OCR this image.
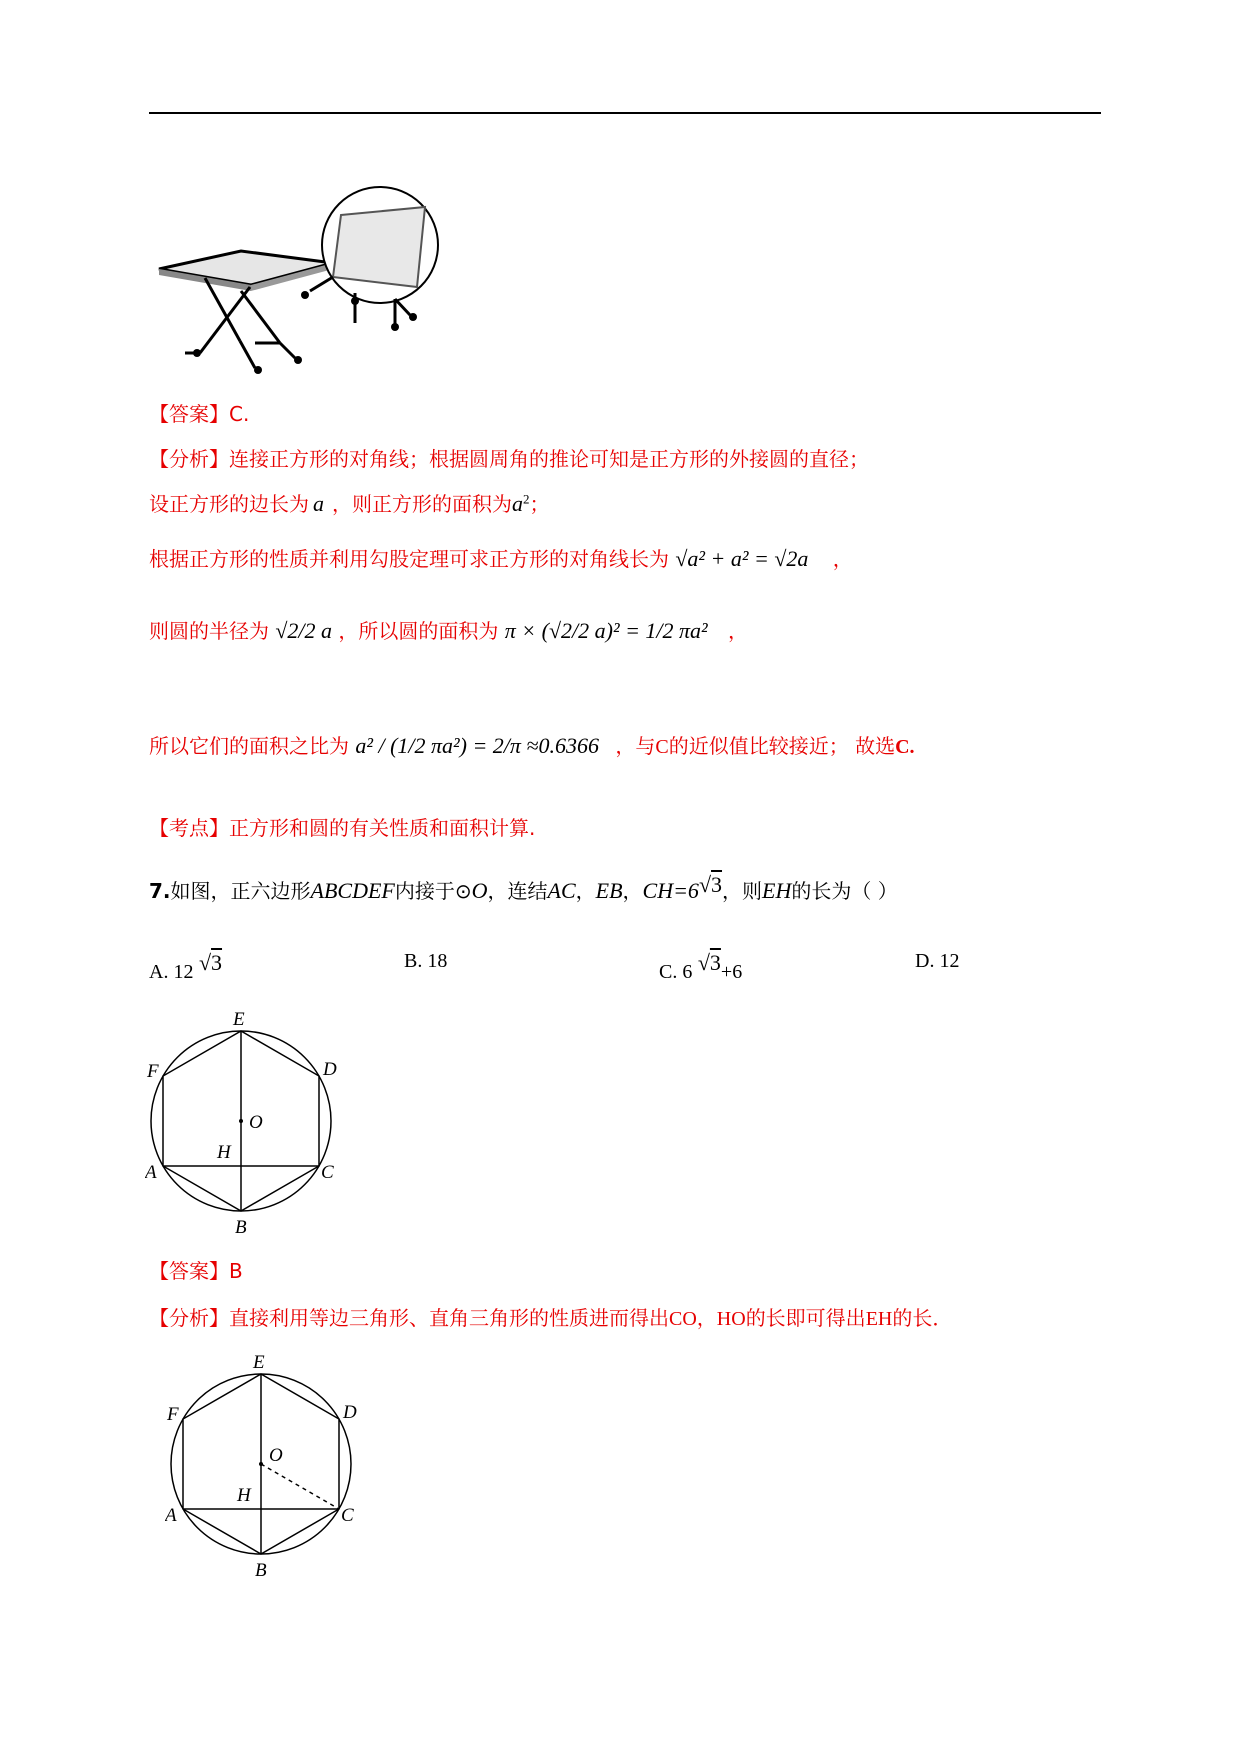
【答案】C.
【分析】连接正方形的对角线；根据圆周角的推论可知是正方形的外接圆的直径；
设正方形的边长为 a ，则正方形的面积为$a^2$；
根据正方形的性质并利用勾股定理可求正方形的对角线长为 √a² + a² = √2a ，
则圆的半径为 √2/2 a ，所以圆的面积为 π × (√2/2 a)² = 1/2 πa² ，
所以它们的面积之比为 a² / (1/2 πa²) = 2/π ≈0.6366 ，与C的近似值比较接近； 故选C.
【考点】正方形和圆的有关性质和面积计算.
7.如图，正六边形ABCDEF内接于⊙O，连结AC，EB，CH=6√3，则EH的长为（ ）
A. 12 √3	B. 18	C. 6 √3+6	D. 12
E
F	D
O
H
A	C
B
【答案】B
【分析】直接利用等边三角形、直角三角形的性质进而得出CO，HO的长即可得出EH的长．
E
F	D
O
H
A	C
B
